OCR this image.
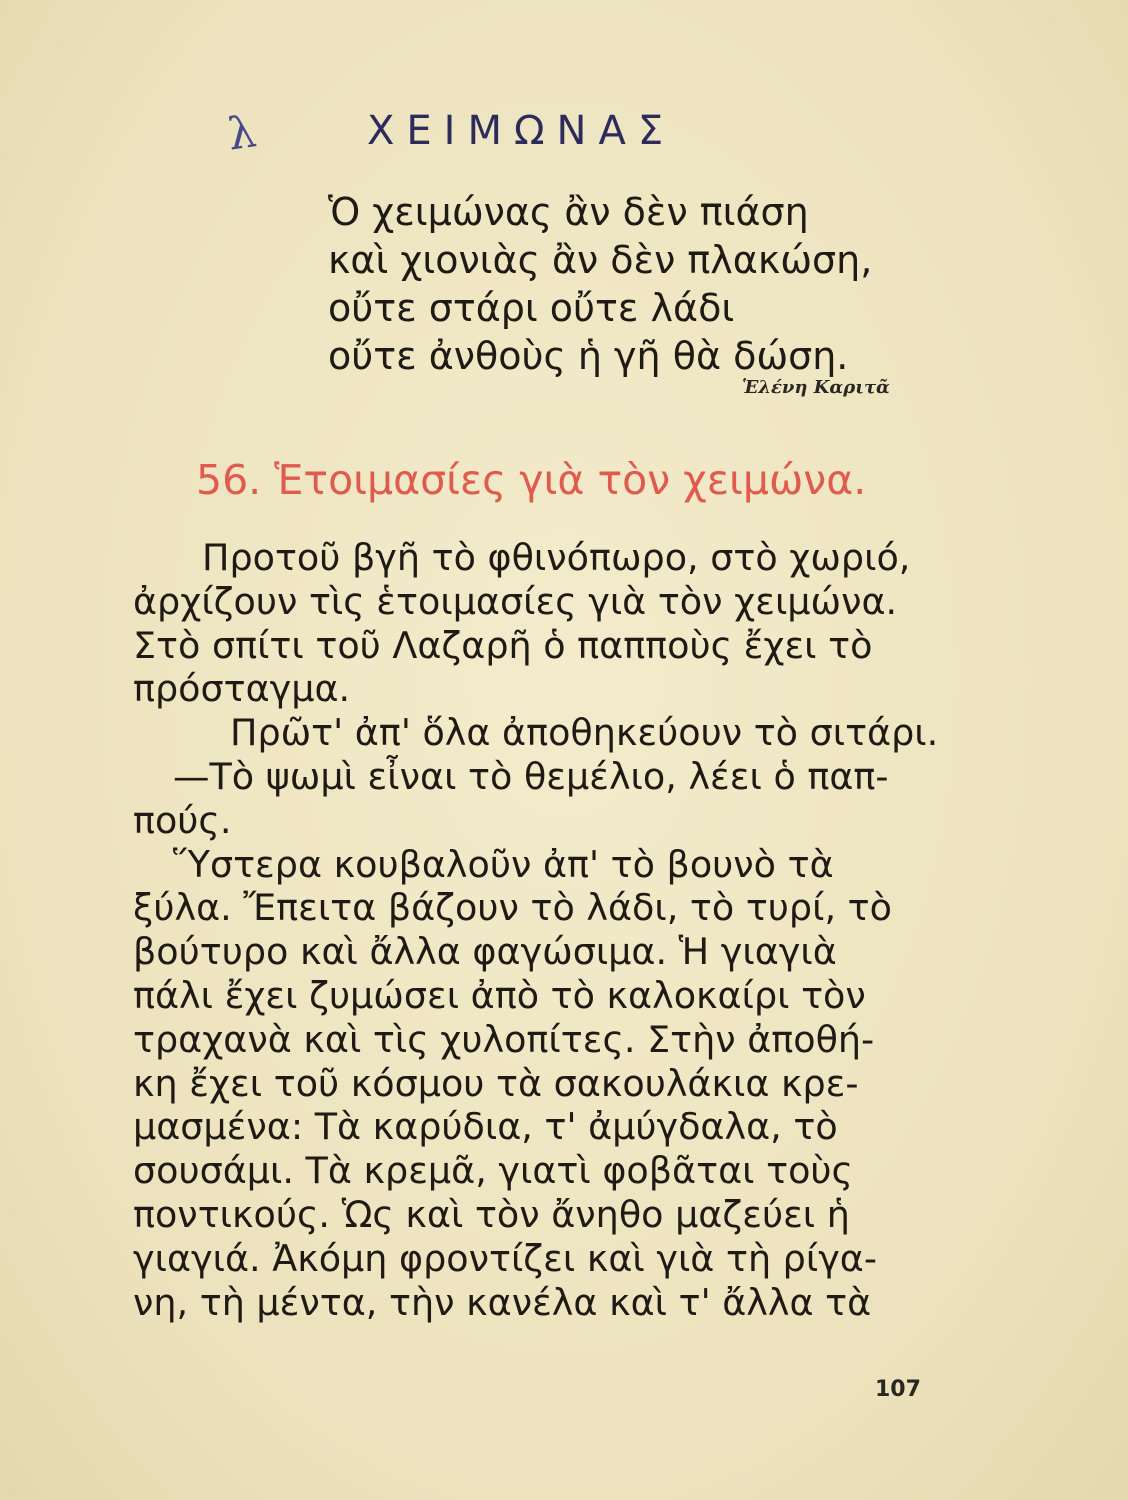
λ	ΧΕΙΜΩΝΑΣ
Ὁ χειμώνας ἂν δὲν πιάση
καὶ χιονιὰς ἂν δὲν πλακώση,
οὔτε στάρι οὔτε λάδι
οὔτε ἀνθοὺς ἡ γῆ θὰ δώση.
Ἑλένη Καριτᾶ
56. Ἑτοιμασίες γιὰ τὸν χειμώνα.
Προτοῦ βγῆ τὸ φθινόπωρο, στὸ χωριό,
ἀρχίζουν τὶς ἑτοιμασίες γιὰ τὸν χειμώνα.
Στὸ σπίτι τοῦ Λαζαρῆ ὁ παπποὺς ἔχει τὸ
πρόσταγμα.
Πρῶτ' ἀπ' ὅλα ἀποθηκεύουν τὸ σιτάρι.
—Τὸ ψωμὶ εἶναι τὸ θεμέλιο, λέει ὁ παπ-
πούς.
Ὕστερα κουβαλοῦν ἀπ' τὸ βουνὸ τὰ
ξύλα. Ἔπειτα βάζουν τὸ λάδι, τὸ τυρί, τὸ
βούτυρο καὶ ἄλλα φαγώσιμα. Ἡ γιαγιὰ
πάλι ἔχει ζυμώσει ἀπὸ τὸ καλοκαίρι τὸν
τραχανὰ καὶ τὶς χυλοπίτες. Στὴν ἀποθή-
κη ἔχει τοῦ κόσμου τὰ σακουλάκια κρε-
μασμένα: Τὰ καρύδια, τ' ἀμύγδαλα, τὸ
σουσάμι. Τὰ κρεμᾶ, γιατὶ φοβᾶται τοὺς
ποντικούς. Ὡς καὶ τὸν ἄνηθο μαζεύει ἡ
γιαγιά. Ἀκόμη φροντίζει καὶ γιὰ τὴ ρίγα-
νη, τὴ μέντα, τὴν κανέλα καὶ τ' ἄλλα τὰ
107
